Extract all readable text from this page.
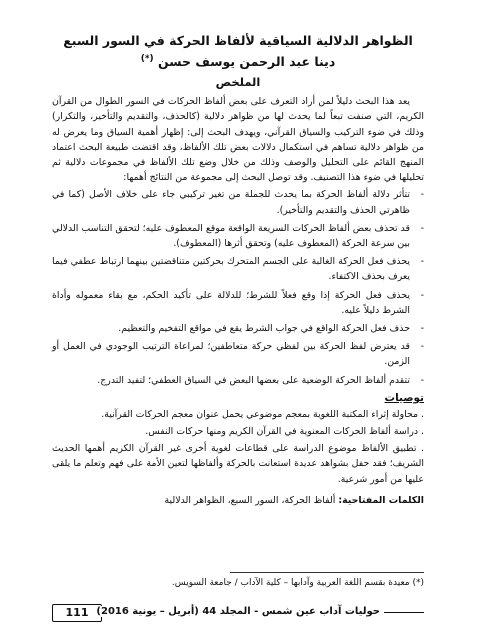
الظواهر الدلالية السياقية لألفاظ الحركة في السور السبع
دينا عبد الرحمن يوسف حسن (*)
الملخص

يعد هذا البحث دليلاً لمن أراد التعرف على بعض ألفاظ الحركات في السور الطوال من القرآن الكريم، التي صنفت تبعاً لما يحدث لها من ظواهر دلالية (كالحذف، والتقديم والتأخير، والتكرار) وذلك في ضوء التركيب والسياق القرآني، ويهدف البحث إلى: إظهار أهمية السياق وما يعرض له من ظواهر دلالية تساهم في استكمال دلالات بعض تلك الألفاظ، وقد اقتضت طبيعة البحث اعتماد المنهج القائم على التحليل والوصف وذلك من خلال وضع تلك الألفاظ في مجموعات دلالية ثم تحليلها في ضوء هذا التصنيف. وقد توصل البحث إلى مجموعة من النتائج أهمها:

-
تتأثر دلالة ألفاظ الحركة بما يحدث للجملة من تغير تركيبي جاء على خلاف الأصل (كما في ظاهرتي الحذف والتقديم والتأخير).
-
قد تحذف بعض ألفاظ الحركات السريعة الواقعة موقع المعطوف عليه؛ لتحقق التناسب الدلالي بين سرعة الحركة (المعطوف عليه) وتحقق أثرها (المعطوف).
-
يحذف فعل الحركة الغالبة على الجسم المتحرك بحركتين متناقضتين بينهما ارتباط عطفي فيما يعرف بحذف الاكتفاء.
-
يحذف فعل الحركة إذا وقع فعلاً للشرط؛ للدلالة على تأكيد الحكم، مع بقاء معموله وأداة الشرط دليلاً عليه.
-
حذف فعل الحركة الواقع في جواب الشرط يقع في مواقع التفخيم والتعظيم.
-
قد يعترض لفظ الحركة بين لفظي حركة متعاطفين؛ لمراعاة الترتيب الوجودي في العمل أو الزمن.
-
تتقدم ألفاظ الحركة الوضعية على بعضها البعض في السياق العطفي؛ لتفيد التدرج.
توصيات

. محاولة إثراء المكتبة اللغوية بمعجم موضوعي يحمل عنوان معجم الحركات القرآنية.

. دراسة ألفاظ الحركات المعنوية في القرآن الكريم ومنها حركات النفس.

. تطبيق الألفاظ موضوع الدراسة على قطاعات لغوية أخرى غير القرآن الكريم أهمها الحديث الشريف؛ فقد حفل بشواهد عديدة استعانت بالحركة وألفاظها لتعين الأمة على فهم وتعلم ما يلقى عليها من أمور شرعية.

الكلمات المفتاحية: ألفاظ الحركة، السور السبع، الظواهر الدلالية
(*) معيدة بقسم اللغة العربية وآدابها – كلية الآداب / جامعة السويس.
حوليات آداب عين شمس - المجلد 44 (أبريل – يونية 2016)
111
